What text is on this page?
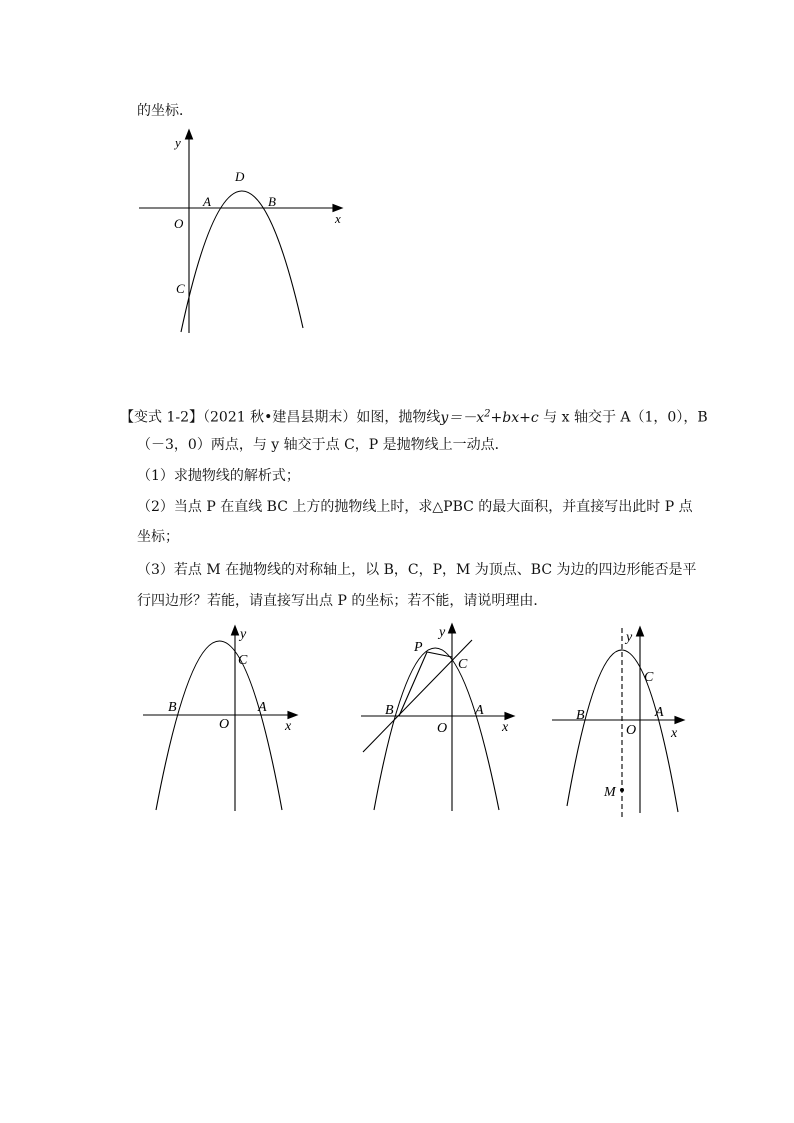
的坐标．
y
x
O
A	B
C
D
【变式 1-2】（2021 秋•建昌县期末）如图，抛物线$y=-x^2+bx+c$ 与 x 轴交于 A（1，0），B
（－3，0）两点，与 y 轴交于点 C，P 是抛物线上一动点．
（1）求抛物线的解析式；
（2）当点 P 在直线 BC 上方的抛物线上时，求△PBC 的最大面积，并直接写出此时 P 点
坐标；
（3）若点 M 在抛物线的对称轴上，以 B，C，P，M 为顶点、BC 为边的四边形能否是平
行四边形？若能，请直接写出点 P 的坐标；若不能，请说明理由．
y
C
B	A
O	x
y
P
C
B	A
O	x
y
C
B	A
O x
M
